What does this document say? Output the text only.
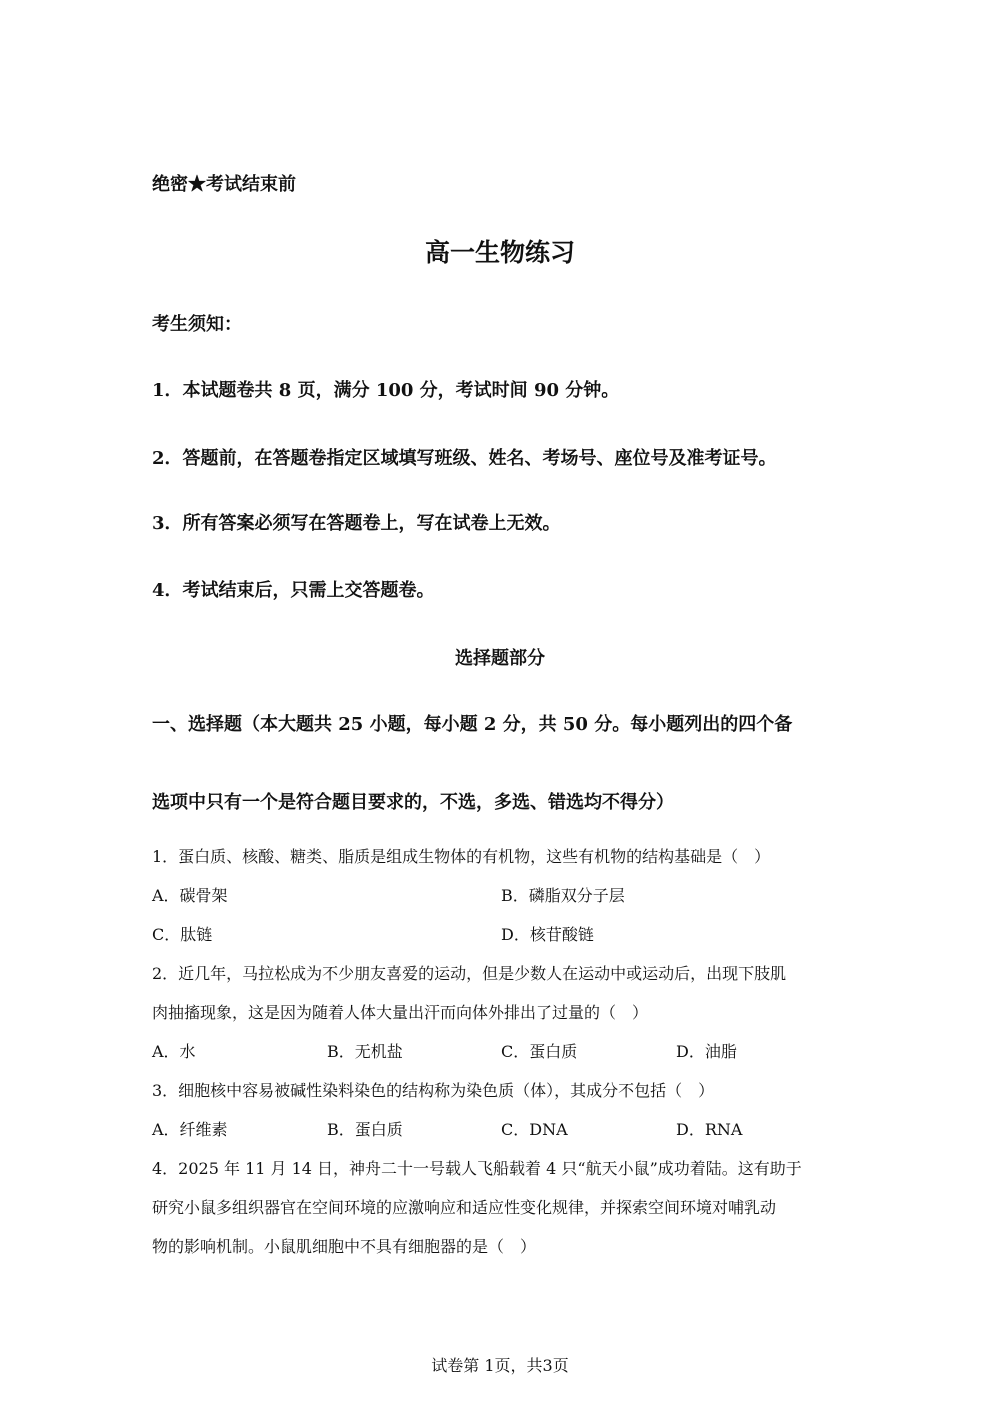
绝密★考试结束前
高一生物练习
考生须知：
1．本试题卷共 8 页，满分 100 分，考试时间 90 分钟。
2．答题前，在答题卷指定区域填写班级、姓名、考场号、座位号及准考证号。
3．所有答案必须写在答题卷上，写在试卷上无效。
4．考试结束后，只需上交答题卷。
选择题部分
一、选择题（本大题共 25 小题，每小题 2 分，共 50 分。每小题列出的四个备
选项中只有一个是符合题目要求的，不选，多选、错选均不得分）
1．蛋白质、核酸、糖类、脂质是组成生物体的有机物，这些有机物的结构基础是（　）
A．碳骨架	B．磷脂双分子层
C．肽链	D．核苷酸链
2．近几年，马拉松成为不少朋友喜爱的运动，但是少数人在运动中或运动后，出现下肢肌
肉抽搐现象，这是因为随着人体大量出汗而向体外排出了过量的（　）
A．水	B．无机盐	C．蛋白质	D．油脂
3．细胞核中容易被碱性染料染色的结构称为染色质（体），其成分不包括（　）
A．纤维素	B．蛋白质	C．DNA	D．RNA
4．2025 年 11 月 14 日，神舟二十一号载人飞船载着 4 只“航天小鼠”成功着陆。这有助于
研究小鼠多组织器官在空间环境的应激响应和适应性变化规律，并探索空间环境对哺乳动
物的影响机制。小鼠肌细胞中不具有细胞器的是（　）
试卷第 1页，共3页
